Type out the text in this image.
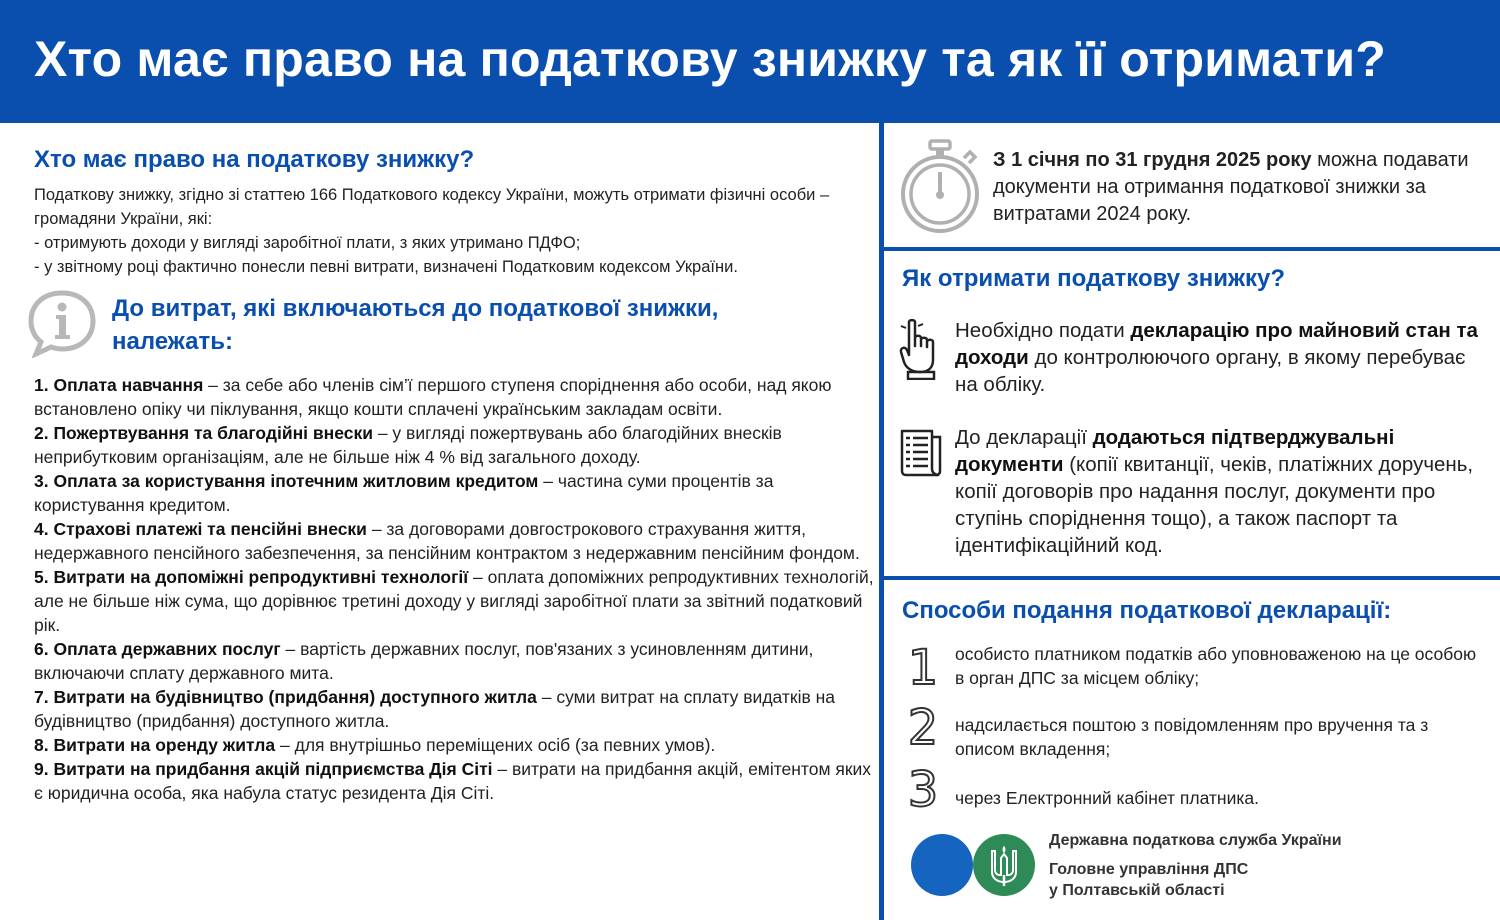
Хто має право на податкову знижку та як її отримати?
Хто має право на податкову знижку?
Податкову знижку, згідно зі статтею 166 Податкового кодексу України, можуть отримати фізичні особи – громадяни України, які:
- отримують доходи у вигляді заробітної плати, з яких утримано ПДФО;
- у звітному році фактично понесли певні витрати, визначені Податковим кодексом України.
До витрат, які включаються до податкової знижки, належать:
1. Оплата навчання – за себе або членів сім’ї першого ступеня споріднення або особи, над якою встановлено опіку чи піклування, якщо кошти сплачені українським закладам освіти.
2. Пожертвування та благодійні внески – у вигляді пожертвувань або благодійних внесків неприбутковим організаціям, але не більше ніж 4 % від загального доходу.
3. Оплата за користування іпотечним житловим кредитом – частина суми процентів за користування кредитом.
4. Страхові платежі та пенсійні внески – за договорами довгострокового страхування життя, недержавного пенсійного забезпечення, за пенсійним контрактом з недержавним пенсійним фондом.
5. Витрати на допоміжні репродуктивні технології – оплата допоміжних репродуктивних технологій, але не більше ніж сума, що дорівнює третині доходу у вигляді заробітної плати за звітний податковий рік.
6. Оплата державних послуг – вартість державних послуг, пов'язаних з усиновленням дитини, включаючи сплату державного мита.
7. Витрати на будівництво (придбання) доступного житла – суми витрат на сплату видатків на будівництво (придбання) доступного житла.
8. Витрати на оренду житла – для внутрішньо переміщених осіб (за певних умов).
9. Витрати на придбання акцій підприємства Дія Сіті – витрати на придбання акцій, емітентом яких є юридична особа, яка набула статус резидента Дія Сіті.
З 1 січня по 31 грудня 2025 року можна подавати документи на отримання податкової знижки за витратами 2024 року.
Як отримати податкову знижку?
Необхідно подати декларацію про майновий стан та доходи до контролюючого органу, в якому перебуває на обліку.
До декларації додаються підтверджувальні документи (копії квитанції, чеків, платіжних доручень, копії договорів про надання послуг, документи про ступінь споріднення тощо), а також паспорт та ідентифікаційний код.
Способи подання податкової декларації:
1 особисто платником податків або уповноваженою на це особою в орган ДПС за місцем обліку;
2 надсилається поштою з повідомленням про вручення та з описом вкладення;
3 через Електронний кабінет платника.
Державна податкова служба України
Головне управління ДПС
у Полтавській області
